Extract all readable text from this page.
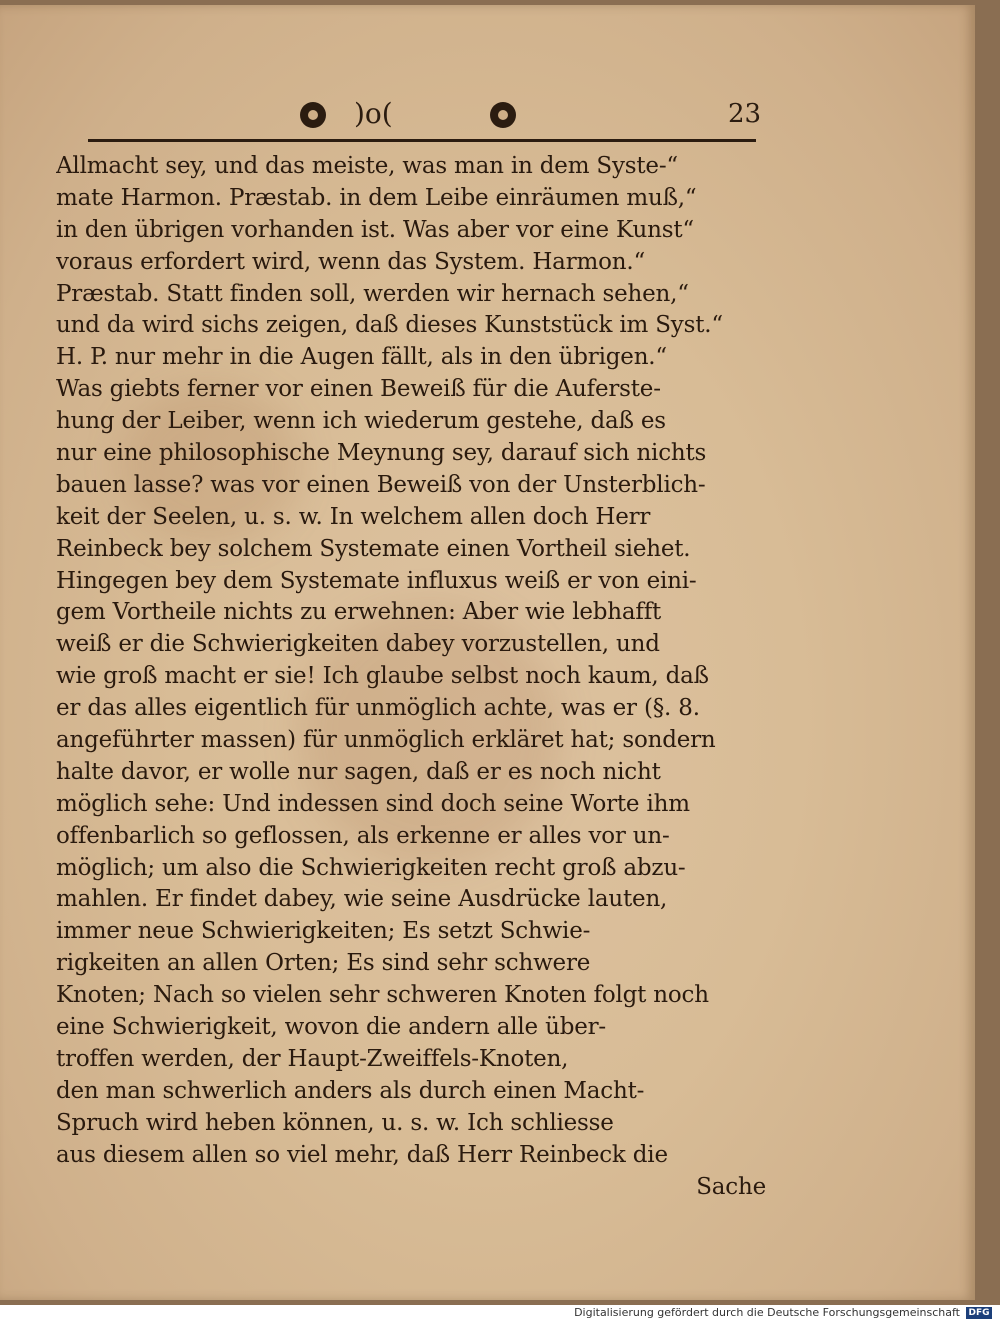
)o(	23
Allmacht sey, und das meiste, was man in dem Syste-“
mate Harmon. Præstab. in dem Leibe einräumen muß,“
in den übrigen vorhanden ist. Was aber vor eine Kunst“
voraus erfordert wird, wenn das System. Harmon.“
Præstab. Statt finden soll, werden wir hernach sehen,“
und da wird sichs zeigen, daß dieses Kunststück im Syst.“
H. P. nur mehr in die Augen fällt, als in den übrigen.“
Was giebts ferner vor einen Beweiß für die Auferste-
hung der Leiber, wenn ich wiederum gestehe, daß es
nur eine philosophische Meynung sey, darauf sich nichts
bauen lasse? was vor einen Beweiß von der Unsterblich-
keit der Seelen, u. s. w. In welchem allen doch Herr
Reinbeck bey solchem Systemate einen Vortheil siehet.
Hingegen bey dem Systemate influxus weiß er von eini-
gem Vortheile nichts zu erwehnen: Aber wie lebhafft
weiß er die Schwierigkeiten dabey vorzustellen, und
wie groß macht er sie! Ich glaube selbst noch kaum, daß
er das alles eigentlich für unmöglich achte, was er (§. 8.
angeführter massen) für unmöglich erkläret hat; sondern
halte davor, er wolle nur sagen, daß er es noch nicht
möglich sehe: Und indessen sind doch seine Worte ihm
offenbarlich so geflossen, als erkenne er alles vor un-
möglich; um also die Schwierigkeiten recht groß abzu-
mahlen. Er findet dabey, wie seine Ausdrücke lauten,
immer neue Schwierigkeiten; Es setzt Schwie-
rigkeiten an allen Orten; Es sind sehr schwere
Knoten; Nach so vielen sehr schweren Knoten folgt noch
eine Schwierigkeit, wovon die andern alle über-
troffen werden, der Haupt-Zweiffels-Knoten,
den man schwerlich anders als durch einen Macht-
Spruch wird heben können, u. s. w. Ich schliesse
aus diesem allen so viel mehr, daß Herr Reinbeck die
Sache
Digitalisierung gefördert durch die Deutsche Forschungsgemeinschaft DFG
